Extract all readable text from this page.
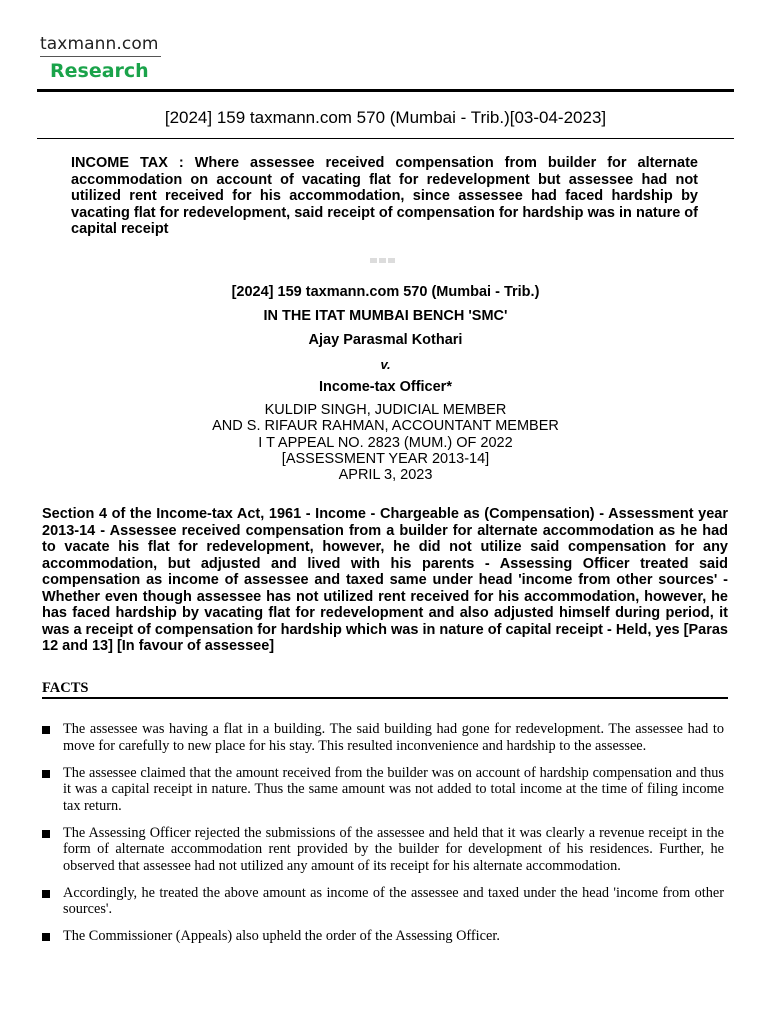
taxmann.com
Research
[2024] 159 taxmann.com 570 (Mumbai - Trib.)[03-04-2023]
INCOME TAX : Where assessee received compensation from builder for alternate accommodation on account of vacating flat for redevelopment but assessee had not utilized rent received for his accommodation, since assessee had faced hardship by vacating flat for redevelopment, said receipt of compensation for hardship was in nature of capital receipt
[2024] 159 taxmann.com 570 (Mumbai - Trib.)
IN THE ITAT MUMBAI BENCH 'SMC'
Ajay Parasmal Kothari
v.
Income-tax Officer*
KULDIP SINGH, JUDICIAL MEMBER
AND S. RIFAUR RAHMAN, ACCOUNTANT MEMBER
I T APPEAL NO. 2823 (MUM.) OF 2022
[ASSESSMENT YEAR 2013-14]
APRIL 3, 2023
Section 4 of the Income-tax Act, 1961 - Income - Chargeable as (Compensation) - Assessment year 2013-14 - Assessee received compensation from a builder for alternate accommodation as he had to vacate his flat for redevelopment, however, he did not utilize said compensation for any accommodation, but adjusted and lived with his parents - Assessing Officer treated said compensation as income of assessee and taxed same under head 'income from other sources' - Whether even though assessee has not utilized rent received for his accommodation, however, he has faced hardship by vacating flat for redevelopment and also adjusted himself during period, it was a receipt of compensation for hardship which was in nature of capital receipt - Held, yes [Paras 12 and 13] [In favour of assessee]
FACTS
The assessee was having a flat in a building. The said building had gone for redevelopment. The assessee had to move for carefully to new place for his stay. This resulted inconvenience and hardship to the assessee.
The assessee claimed that the amount received from the builder was on account of hardship compensation and thus it was a capital receipt in nature. Thus the same amount was not added to total income at the time of filing income tax return.
The Assessing Officer rejected the submissions of the assessee and held that it was clearly a revenue receipt in the form of alternate accommodation rent provided by the builder for development of his residences. Further, he observed that assessee had not utilized any amount of its receipt for his alternate accommodation.
Accordingly, he treated the above amount as income of the assessee and taxed under the head 'income from other sources'.
The Commissioner (Appeals) also upheld the order of the Assessing Officer.
